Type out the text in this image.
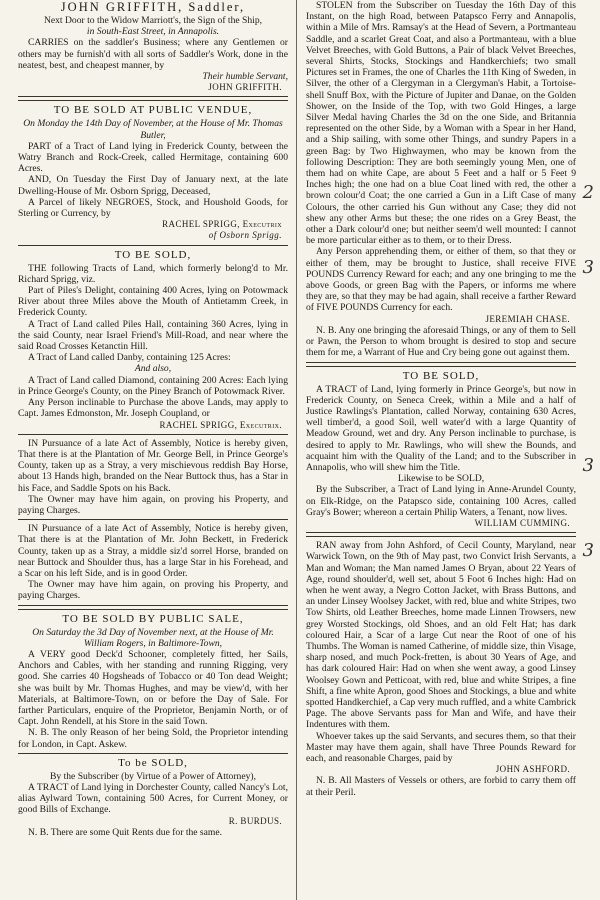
JOHN GRIFFITH, Saddler,
Next Door to the Widow Marriott's, the Sign of the Ship,
in South-East Street, in Annapolis.

CARRIES on the saddler's Business; where any Gentlemen or others may be furnish'd with all sorts of Saddler's Work, done in the neatest, best, and cheapest manner, by

Their humble Servant,
JOHN GRIFFITH.
TO BE SOLD AT PUBLIC VENDUE,
On Monday the 14th Day of November, at the House of Mr. Thomas Butler,

PART of a Tract of Land lying in Frederick County, between the Watry Branch and Rock-Creek, called Hermitage, containing 600 Acres.

AND, On Tuesday the First Day of January next, at the late Dwelling-House of Mr. Osborn Sprigg, Deceased,

A Parcel of likely NEGROES, Stock, and Houshold Goods, for Sterling or Currency, by

RACHEL SPRIGG, Executrix
of Osborn Sprigg.
TO BE SOLD,

THE following Tracts of Land, which formerly belong'd to Mr. Richard Sprigg, viz.

Part of Piles's Delight, containing 400 Acres, lying on Potowmack River about three Miles above the Mouth of Antietamm Creek, in Frederick County.

A Tract of Land called Piles Hall, containing 360 Acres, lying in the said County, near Israel Friend's Mill-Road, and near where the said Road Crosses Ketanctin Hill.

A Tract of Land called Danby, containing 125 Acres:

And also,

A Tract of Land called Diamond, containing 200 Acres: Each lying in Prince George's County, on the Piney Branch of Potowmack River.

Any Person inclinable to Purchase the above Lands, may apply to Capt. James Edmonston, Mr. Joseph Coupland, or

RACHEL SPRIGG, Executrix.

IN Pursuance of a late Act of Assembly, Notice is hereby given, That there is at the Plantation of Mr. George Bell, in Prince George's County, taken up as a Stray, a very mischievous reddish Bay Horse, about 13 Hands high, branded on the Near Buttock thus, has a Star in his Face, and Saddle Spots on his Back.

The Owner may have him again, on proving his Property, and paying Charges.

IN Pursuance of a late Act of Assembly, Notice is hereby given, That there is at the Plantation of Mr. John Beckett, in Frederick County, taken up as a Stray, a middle siz'd sorrel Horse, branded on near Buttock and Shoulder thus, has a large Star in his Forehead, and a Scar on his left Side, and is in good Order.

The Owner may have him again, on proving his Property, and paying Charges.

TO BE SOLD BY PUBLIC SALE,
On Saturday the 3d Day of November next, at the House of Mr. William Rogers, in Baltimore-Town,

A VERY good Deck'd Schooner, completely fitted, her Sails, Anchors and Cables, with her standing and running Rigging, very good. She carries 40 Hogsheads of Tobacco or 40 Ton dead Weight; she was built by Mr. Thomas Hughes, and may be view'd, with her Materials, at Baltimore-Town, on or before the Day of Sale. For farther Particulars, enquire of the Proprietor, Benjamin North, or of Capt. John Rendell, at his Store in the said Town.

N. B. The only Reason of her being Sold, the Proprietor intending for London, in Capt. Askew.

To be SOLD,
By the Subscriber (by Virtue of a Power of Attorney),

A TRACT of Land lying in Dorchester County, called Nancy's Lot, alias Aylward Town, containing 500 Acres, for Current Money, or good Bills of Exchange.

R. BURDUS.

N. B. There are some Quit Rents due for the same.

STOLEN from the Subscriber on Tuesday the 16th Day of this Instant, on the high Road, between Patapsco Ferry and Annapolis, within a Mile of Mrs. Ramsay's at the Head of Severn, a Portmanteau Saddle, and a scarlet Great Coat, and also a Portmanteau, with a blue Velvet Breeches, with Gold Buttons, a Pair of black Velvet Breeches, several Shirts, Stocks, Stockings and Handkerchiefs; two small Pictures set in Frames, the one of Charles the 11th King of Sweden, in Silver, the other of a Clergyman in a Clergyman's Habit, a Tortoise-shell Snuff Box, with the Picture of Jupiter and Danae, on the Golden Shower, on the Inside of the Top, with two Gold Hinges, a large Silver Medal having Charles the 3d on the one Side, and Britannia represented on the other Side, by a Woman with a Spear in her Hand, and a Ship sailing, with some other Things, and sundry Papers in a green Bag: by Two Highwaymen, who may be known from the following Description: They are both seemingly young Men, one of them had on white Cape, are about 5 Feet and a half or 5 Feet 9 Inches high; the one had on a blue Coat lined with red, the other a brown colour'd Coat; the one carried a Gun in a Lift Case of many Colours, the other carried his Gun without any Case; they did not shew any other Arms but these; the one rides on a Grey Beast, the other a Dark colour'd one; but neither seem'd well mounted: I cannot be more particular either as to them, or to their Dress.

Any Person apprehending them, or either of them, so that they or either of them, may be brought to Justice, shall receive FIVE POUNDS Currency Reward for each; and any one bringing to me the above Goods, or green Bag with the Papers, or informs me where they are, so that they may be had again, shall receive a farther Reward of FIVE POUNDS Currency for each.

JEREMIAH CHASE.

N. B. Any one bringing the aforesaid Things, or any of them to Sell or Pawn, the Person to whom brought is desired to stop and secure them for me, a Warrant of Hue and Cry being gone out against them.

TO BE SOLD,

A TRACT of Land, lying formerly in Prince George's, but now in Frederick County, on Seneca Creek, within a Mile and a half of Justice Rawlings's Plantation, called Norway, containing 630 Acres, well timber'd, a good Soil, well water'd with a large Quantity of Meadow Ground, wet and dry. Any Person inclinable to purchase, is desired to apply to Mr. Rawlings, who will shew the Bounds, and acquaint him with the Quality of the Land; and to the Subscriber in Annapolis, who will shew him the Title.

Likewise to be SOLD,

By the Subscriber, a Tract of Land lying in Anne-Arundel County, on Elk-Ridge, on the Patapsco side, containing 100 Acres, called Gray's Bower; whereon a certain Philip Waters, a Tenant, now lives.

WILLIAM CUMMING.

RAN away from John Ashford, of Cecil County, Maryland, near Warwick Town, on the 9th of May past, two Convict Irish Servants, a Man and Woman; the Man named James O Bryan, about 22 Years of Age, round shoulder'd, well set, about 5 Foot 6 Inches high: Had on when he went away, a Negro Cotton Jacket, with Brass Buttons, and an under Linsey Woolsey Jacket, with red, blue and white Stripes, two Tow Shirts, old Leather Breeches, home made Linnen Trowsers, new grey Worsted Stockings, old Shoes, and an old Felt Hat; has dark coloured Hair, a Scar of a large Cut near the Root of one of his Thumbs. The Woman is named Catherine, of middle size, thin Visage, sharp nosed, and much Pock-fretten, is about 30 Years of Age, and has dark coloured Hair: Had on when she went away, a good Linsey Woolsey Gown and Petticoat, with red, blue and white Stripes, a fine Shift, a fine white Apron, good Shoes and Stockings, a blue and white spotted Handkerchief, a Cap very much ruffled, and a white Cambrick Page. The above Servants pass for Man and Wife, and have their Indentures with them.

Whoever takes up the said Servants, and secures them, so that their Master may have them again, shall have Three Pounds Reward for each, and reasonable Charges, paid by

JOHN ASHFORD.

N. B. All Masters of Vessels or others, are forbid to carry them off at their Peril.

2
3
3
3
